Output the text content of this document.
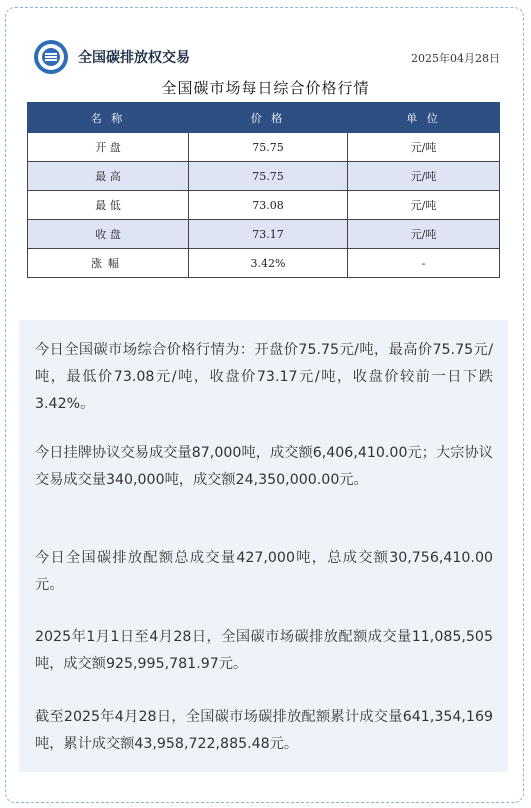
全国碳排放权交易	2025年04月28日
全国碳市场每日综合价格行情
名 称	价 格	单 位
开 盘	75.75	元/吨
最 高	75.75	元/吨
最 低	73.08	元/吨
收 盘	73.17	元/吨
涨幅	3.42%	-

今日全国碳市场综合价格行情为：开盘价75.75元/吨，最高价75.75元/吨，最低价73.08元/吨，收盘价73.17元/吨，收盘价较前一日下跌3.42%。

今日挂牌协议交易成交量87,000吨，成交额6,406,410.00元；大宗协议交易成交量340,000吨，成交额24,350,000.00元。

今日全国碳排放配额总成交量427,000吨，总成交额30,756,410.00元。

2025年1月1日至4月28日，全国碳市场碳排放配额成交量11,085,505吨，成交额925,995,781.97元。

截至2025年4月28日，全国碳市场碳排放配额累计成交量641,354,169吨，累计成交额43,958,722,885.48元。
